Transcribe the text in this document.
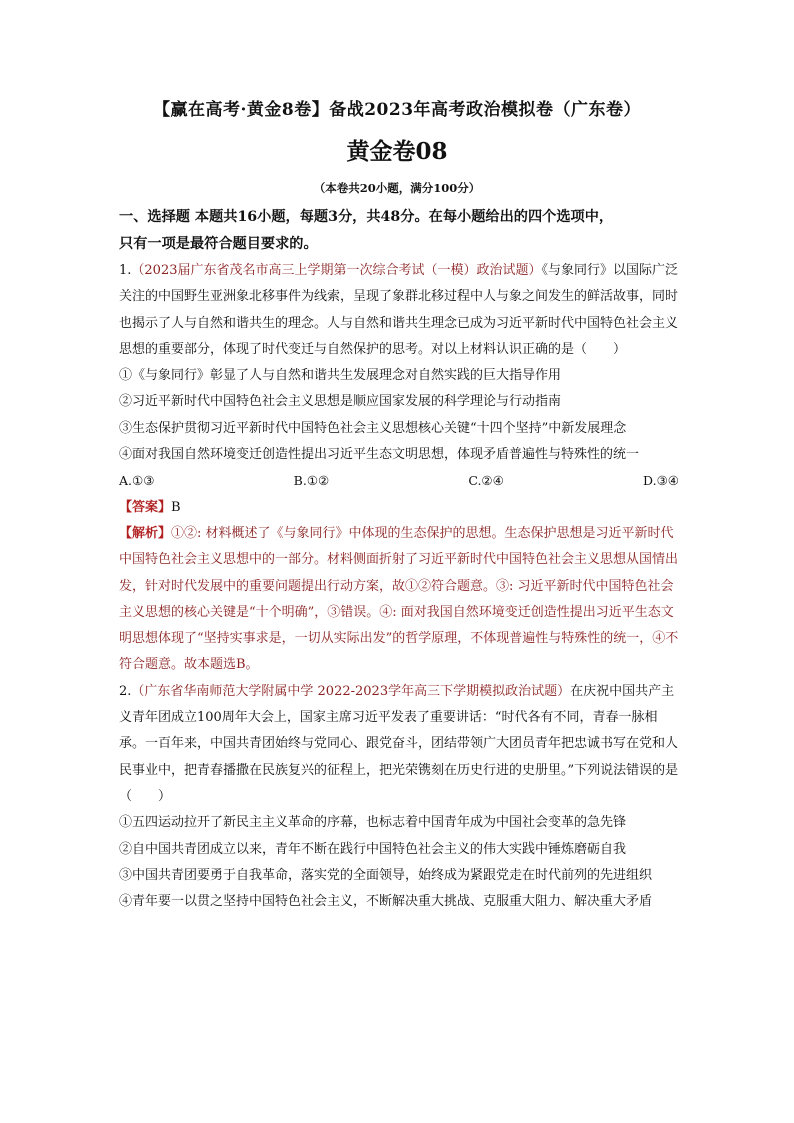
【赢在高考·黄金8卷】备战2023年高考政治模拟卷（广东卷）
黄金卷08
（本卷共20小题，满分100分）

一、选择题 本题共16小题，每题3分，共48分。在每小题给出的四个选项中，
只有一项是最符合题目要求的。

1.（2023届广东省茂名市高三上学期第一次综合考试（一模）政治试题）《与象同行》以国际广泛关注的中国野生亚洲象北移事件为线索，呈现了象群北移过程中人与象之间发生的鲜活故事，同时也揭示了人与自然和谐共生的理念。人与自然和谐共生理念已成为习近平新时代中国特色社会主义思想的重要部分，体现了时代变迁与自然保护的思考。对以上材料认识正确的是（　　）

①《与象同行》彰显了人与自然和谐共生发展理念对自然实践的巨大指导作用

②习近平新时代中国特色社会主义思想是顺应国家发展的科学理论与行动指南

③生态保护贯彻习近平新时代中国特色社会主义思想核心关键“十四个坚持”中新发展理念

④面对我国自然环境变迁创造性提出习近平生态文明思想，体现矛盾普遍性与特殊性的统一

A.①③	B.①②	C.②④	D.③④

【答案】B

【解析】①②: 材料概述了《与象同行》中体现的生态保护的思想。生态保护思想是习近平新时代中国特色社会主义思想中的一部分。材料侧面折射了习近平新时代中国特色社会主义思想从国情出发，针对时代发展中的重要问题提出行动方案，故①②符合题意。③: 习近平新时代中国特色社会主义思想的核心关键是“十个明确”，③错误。④: 面对我国自然环境变迁创造性提出习近平生态文明思想体现了“坚持实事求是，一切从实际出发”的哲学原理，不体现普遍性与特殊性的统一，④不符合题意。故本题选B。

2.（广东省华南师范大学附属中学 2022-2023学年高三下学期模拟政治试题）在庆祝中国共产主义青年团成立100周年大会上，国家主席习近平发表了重要讲话：“时代各有不同，青春一脉相承。一百年来，中国共青团始终与党同心、跟党奋斗，团结带领广大团员青年把忠诚书写在党和人民事业中，把青春播撒在民族复兴的征程上，把光荣镌刻在历史行进的史册里。”下列说法错误的是（　　）

①五四运动拉开了新民主主义革命的序幕，也标志着中国青年成为中国社会变革的急先锋

②自中国共青团成立以来，青年不断在践行中国特色社会主义的伟大实践中锤炼磨砺自我

③中国共青团要勇于自我革命，落实党的全面领导，始终成为紧跟党走在时代前列的先进组织

④青年要一以贯之坚持中国特色社会主义，不断解决重大挑战、克服重大阻力、解决重大矛盾
